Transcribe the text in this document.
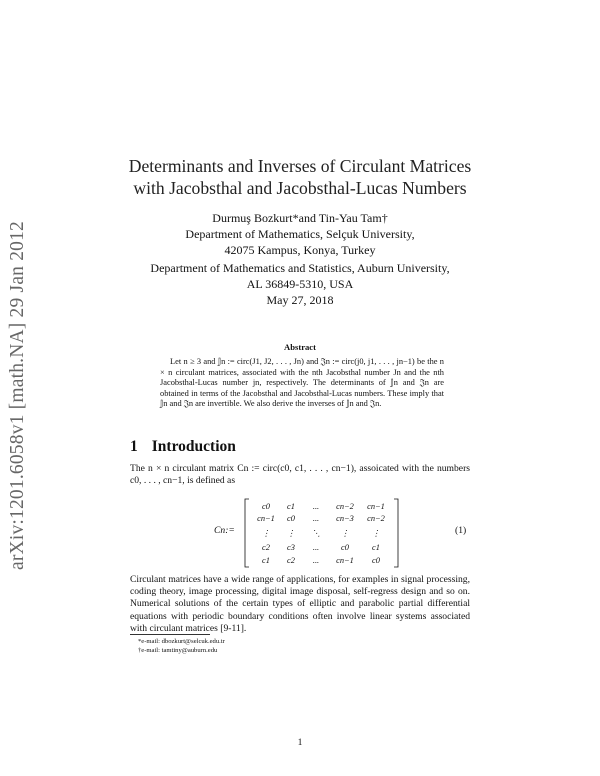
arXiv:1201.6058v1 [math.NA] 29 Jan 2012
Determinants and Inverses of Circulant Matrices
with Jacobsthal and Jacobsthal-Lucas Numbers
Durmuş Bozkurt*and Tin-Yau Tam†
Department of Mathematics, Selçuk University,
42075 Kampus, Konya, Turkey
Department of Mathematics and Statistics, Auburn University,
AL 36849-5310, USA
May 27, 2018
Abstract
Let n ≥ 3 and 𝕁n := circ(J1, J2, . . . , Jn) and 𝔍n := circ(j0, j1, . . . , jn−1) be the n × n circulant matrices, associated with the nth Jacobsthal number Jn and the nth Jacobsthal-Lucas number jn, respectively. The determinants of 𝕁n and 𝔍n are obtained in terms of the Jacobsthal and Jacobsthal-Lucas numbers. These imply that 𝕁n and 𝔍n are invertible. We also derive the inverses of 𝕁n and 𝔍n.
1 Introduction
The n × n circulant matrix Cn := circ(c0, c1, . . . , cn−1), assoicated with the numbers c0, . . . , cn−1, is defined as
Cn:=
c0 c1 ... cn−2 cn−1
cn−1 c0 ... cn−3 cn−2
⋮ ⋮ ⋱ ⋮	⋮
c2 c3 ...	c0	c1
c1 c2 ... cn−1 c0
(1)
Circulant matrices have a wide range of applications, for examples in signal processing, coding theory, image processing, digital image disposal, self-regress design and so on. Numerical solutions of the certain types of elliptic and parabolic partial differential equations with periodic boundary conditions often involve linear systems associated with circulant matrices [9-11].
*e-mail: dbozkurt@selcuk.edu.tr
†e-mail: tamtiny@auburn.edu
1
